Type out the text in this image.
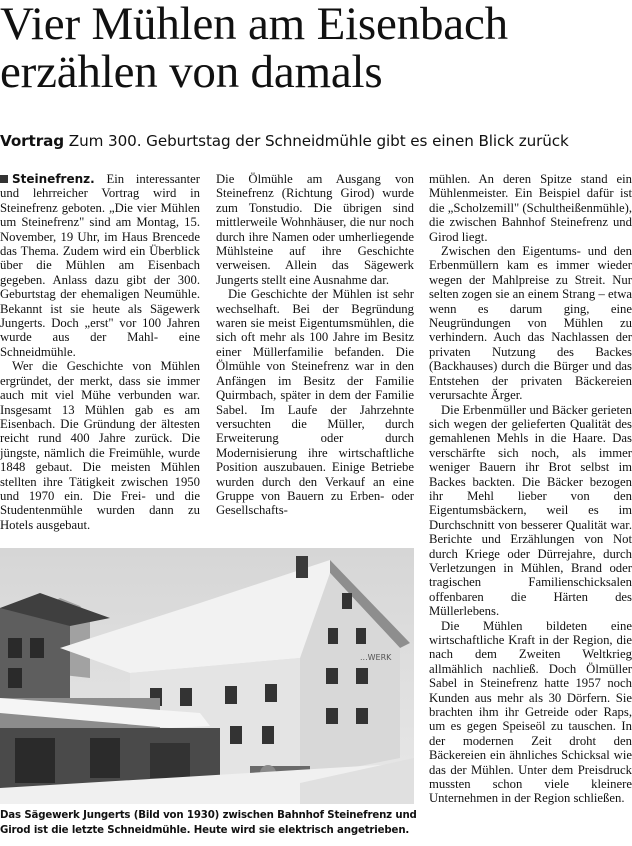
Vier Mühlen am Eisenbach
erzählen von damals
Vortrag Zum 300. Geburtstag der Schneidmühle gibt es einen Blick zurück

Steinefrenz. Ein interessanter und lehrreicher Vortrag wird in Steinefrenz geboten. „Die vier Mühlen um Steinefrenz" sind am Montag, 15. November, 19 Uhr, im Haus Brencede das Thema. Zudem wird ein Überblick über die Mühlen am Eisenbach gegeben. Anlass dazu gibt der 300. Geburtstag der ehemaligen Neumühle. Bekannt ist sie heute als Sägewerk Jungerts. Doch „erst" vor 100 Jahren wurde aus der Mahl- eine Schneidmühle.

Wer die Geschichte von Mühlen ergründet, der merkt, dass sie immer auch mit viel Mühe verbunden war. Insgesamt 13 Mühlen gab es am Eisenbach. Die Gründung der ältesten reicht rund 400 Jahre zurück. Die jüngste, nämlich die Freimühle, wurde 1848 gebaut. Die meisten Mühlen stellten ihre Tätigkeit zwischen 1950 und 1970 ein. Die Frei- und die Studentenmühle wurden dann zu Hotels ausgebaut.

Die Ölmühle am Ausgang von Steinefrenz (Richtung Girod) wurde zum Tonstudio. Die übrigen sind mittlerweile Wohnhäuser, die nur noch durch ihre Namen oder umherliegende Mühlsteine auf ihre Geschichte verweisen. Allein das Sägewerk Jungerts stellt eine Ausnahme dar.

Die Geschichte der Mühlen ist sehr wechselhaft. Bei der Begründung waren sie meist Eigentumsmühlen, die sich oft mehr als 100 Jahre im Besitz einer Müllerfamilie befanden. Die Ölmühle von Steinefrenz war in den Anfängen im Besitz der Familie Quirmbach, später in dem der Familie Sabel. Im Laufe der Jahrzehnte versuchten die Müller, durch Erweiterung oder durch Modernisierung ihre wirtschaftliche Position auszubauen. Einige Betriebe wurden durch den Verkauf an eine Gruppe von Bauern zu Erben- oder Gesellschafts-

mühlen. An deren Spitze stand ein Mühlenmeister. Ein Beispiel dafür ist die „Scholzemill" (Schultheißenmühle), die zwischen Bahnhof Steinefrenz und Girod liegt.

Zwischen den Eigentums- und den Erbenmüllern kam es immer wieder wegen der Mahlpreise zu Streit. Nur selten zogen sie an einem Strang – etwa wenn es darum ging, eine Neugründungen von Mühlen zu verhindern. Auch das Nachlassen der privaten Nutzung des Backes (Backhauses) durch die Bürger und das Entstehen der privaten Bäckereien verursachte Ärger.

Die Erbenmüller und Bäcker gerieten sich wegen der gelieferten Qualität des gemahlenen Mehls in die Haare. Das verschärfte sich noch, als immer weniger Bauern ihr Brot selbst im Backes backten. Die Bäcker bezogen ihr Mehl lieber von den Eigentumsbäckern, weil es im Durchschnitt von besserer Qualität war. Berichte und Erzählungen von Not durch Kriege oder Dürrejahre, durch Verletzungen in Mühlen, Brand oder tragischen Familienschicksalen offenbaren die Härten des Müllerlebens.

Die Mühlen bildeten eine wirtschaftliche Kraft in der Region, die nach dem Zweiten Weltkrieg allmählich nachließ. Doch Ölmüller Sabel in Steinefrenz hatte 1957 noch Kunden aus mehr als 30 Dörfern. Sie brachten ihm ihr Getreide oder Raps, um es gegen Speiseöl zu tauschen. In der modernen Zeit droht den Bäckereien ein ähnliches Schicksal wie das der Mühlen. Unter dem Preisdruck mussten schon viele kleinere Unternehmen in der Region schließen.

...WERK
Das Sägewerk Jungerts (Bild von 1930) zwischen Bahnhof Steinefrenz und
Girod ist die letzte Schneidmühle. Heute wird sie elektrisch angetrieben.
